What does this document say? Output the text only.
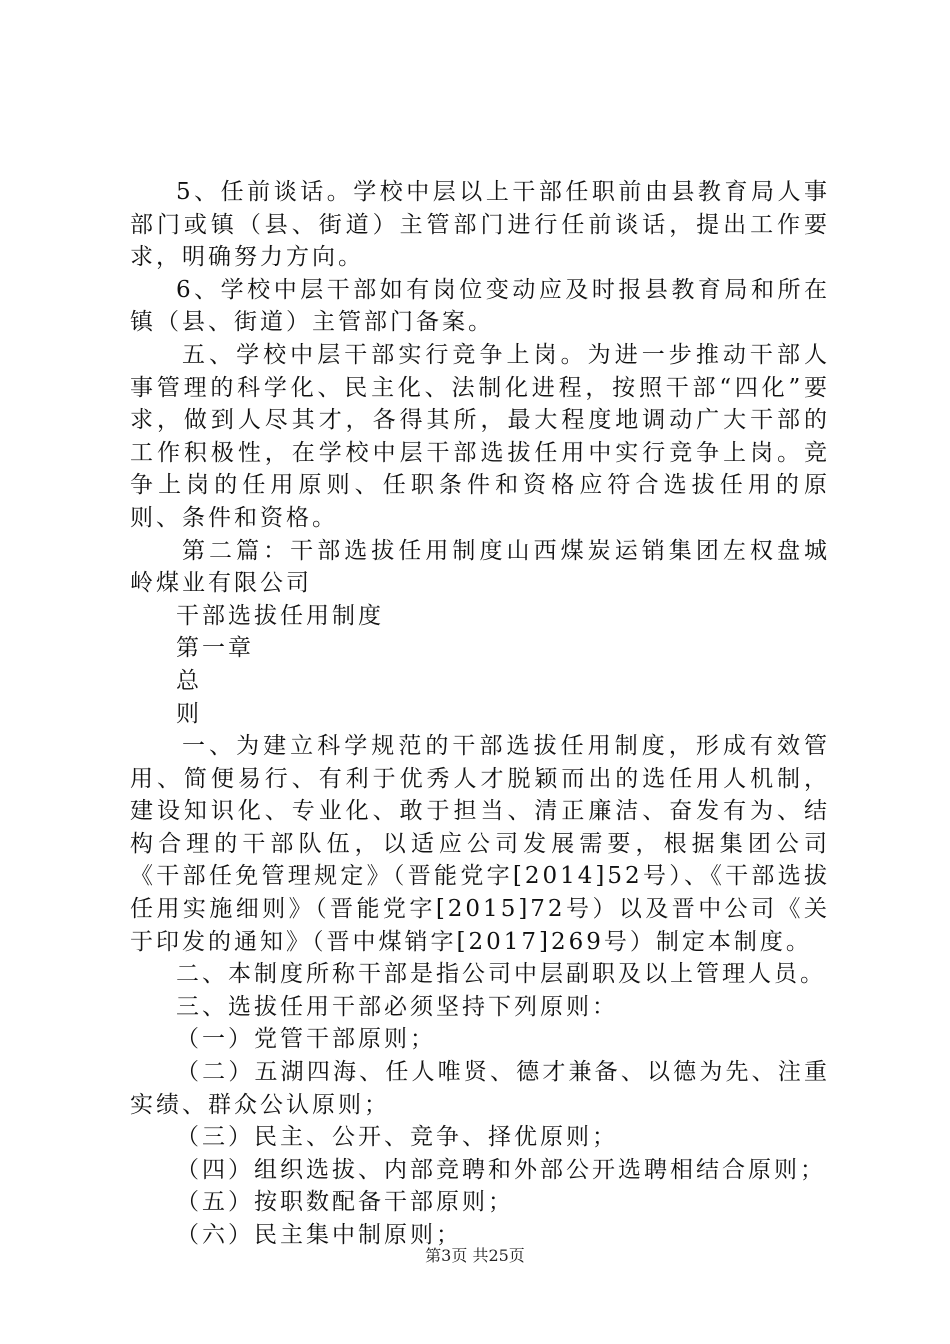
5、任前谈话。学校中层以上干部任职前由县教育局人事部门或镇（县、街道）主管部门进行任前谈话，提出工作要求，明确努力方向。

6、学校中层干部如有岗位变动应及时报县教育局和所在镇（县、街道）主管部门备案。

五、学校中层干部实行竞争上岗。为进一步推动干部人事管理的科学化、民主化、法制化进程，按照干部“四化”要求，做到人尽其才，各得其所，最大程度地调动广大干部的工作积极性，在学校中层干部选拔任用中实行竞争上岗。竞争上岗的任用原则、任职条件和资格应符合选拔任用的原则、条件和资格。

第二篇：干部选拔任用制度山西煤炭运销集团左权盘城岭煤业有限公司

干部选拔任用制度

第一章

总

则

一、为建立科学规范的干部选拔任用制度，形成有效管用、简便易行、有利于优秀人才脱颖而出的选任用人机制，建设知识化、专业化、敢于担当、清正廉洁、奋发有为、结构合理的干部队伍，以适应公司发展需要，根据集团公司《干部任免管理规定》（晋能党字[2014]52号）、《干部选拔任用实施细则》（晋能党字[2015]72号）以及晋中公司《关于印发的通知》（晋中煤销字[2017]269号）制定本制度。

二、本制度所称干部是指公司中层副职及以上管理人员。

三、选拔任用干部必须坚持下列原则：

（一）党管干部原则；

（二）五湖四海、任人唯贤、德才兼备、以德为先、注重实绩、群众公认原则；

（三）民主、公开、竞争、择优原则；

（四）组织选拔、内部竞聘和外部公开选聘相结合原则；

（五）按职数配备干部原则；

（六）民主集中制原则；

第3页 共25页
